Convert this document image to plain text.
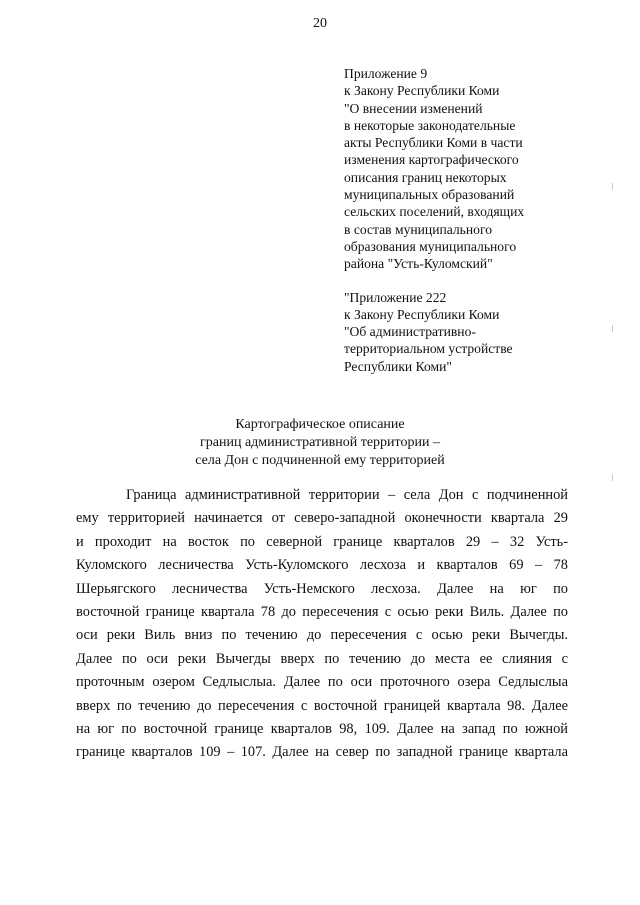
20
Приложение 9
к Закону Республики Коми
"О внесении изменений
в некоторые законодательные
акты Республики Коми в части
изменения картографического
описания границ некоторых
муниципальных образований
сельских поселений, входящих
в состав муниципального
образования муниципального
района "Усть-Куломский"
"Приложение 222
к Закону Республики Коми
"Об административно-
территориальном устройстве
Республики Коми"
Картографическое описание
границ административной территории –
села Дон с подчиненной ему территорией
Граница административной территории – села Дон с подчиненной
ему территорией начинается от северо-западной оконечности квартала 29
и проходит на восток по северной границе кварталов 29 – 32 Усть-
Куломского лесничества Усть-Куломского лесхоза и кварталов 69 – 78
Шерьягского лесничества Усть-Немского лесхоза. Далее на юг по
восточной границе квартала 78 до пересечения с осью реки Виль. Далее по
оси реки Виль вниз по течению до пересечения с осью реки Вычегды.
Далее по оси реки Вычегды вверх по течению до места ее слияния с
проточным озером Седлыслыа. Далее по оси проточного озера Седлыслыа
вверх по течению до пересечения с восточной границей квартала 98. Далее
на юг по восточной границе кварталов 98, 109. Далее на запад по южной
границе кварталов 109 – 107. Далее на север по западной границе квартала
